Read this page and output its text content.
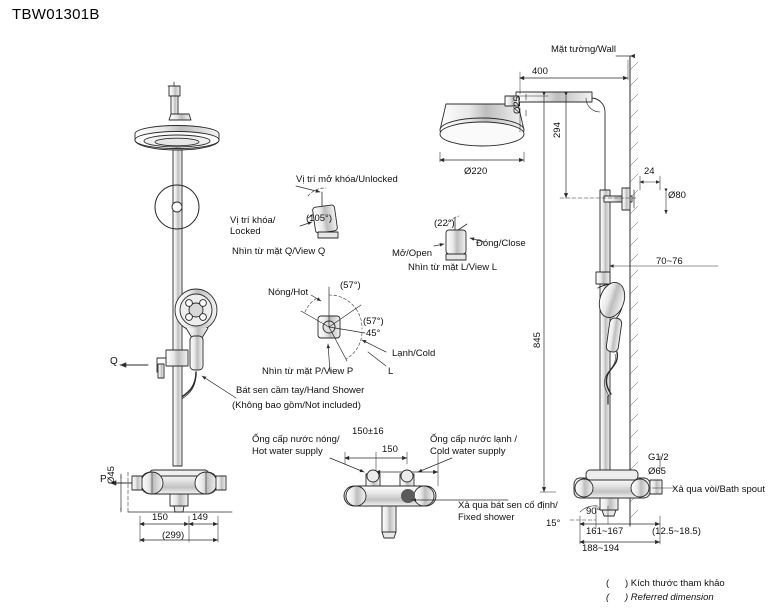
TBW01301B
Mặt tường/Wall
Vị trí mở khóa/Unlocked
Vị trí khóa/
Locked
(105°)
Nhìn từ mặt Q/View Q
(22°)
Mở/Open
Đóng/Close
Nhìn từ mặt L/View L
Nóng/Hot
(57°)
(57°)
45°
Lạnh/Cold
Nhìn từ mặt P/View P	L
Bát sen cầm tay/Hand Shower
(Không bao gồm/Not included)
Ống cấp nước nóng/
Hot water supply
Ống cấp nước lạnh /
Cold water supply
Xả qua bát sen cố định/
Fixed shower
Xả qua vòi/Bath spout
Q
P
400
294
845
Ø25
Ø220	24
Ø80
70~76
G1/2
Ø65
90°
15°
161~167	(12.5~18.5)
188~194
Ø45
150	149
(299)
150±16
150
(      ) Kích thước tham khảo
(      ) Referred dimension
